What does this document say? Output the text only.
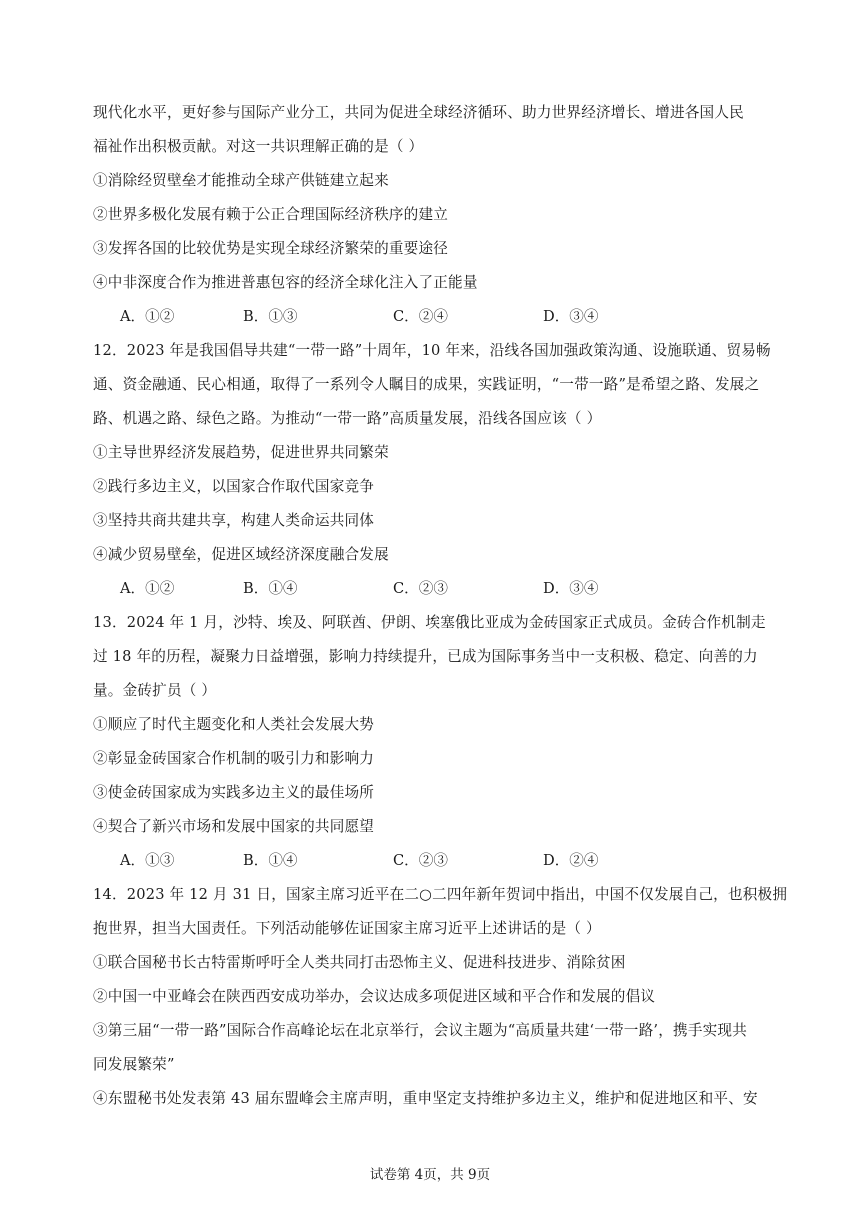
现代化水平，更好参与国际产业分工，共同为促进全球经济循环、助力世界经济增长、增进各国人民
福祉作出积极贡献。对这一共识理解正确的是（ ）
①消除经贸壁垒才能推动全球产供链建立起来
②世界多极化发展有赖于公正合理国际经济秩序的建立
③发挥各国的比较优势是实现全球经济繁荣的重要途径
④中非深度合作为推进普惠包容的经济全球化注入了正能量
A．①②	B．①③	C．②④	D．③④
12．2023 年是我国倡导共建“一带一路”十周年，10 年来，沿线各国加强政策沟通、设施联通、贸易畅
通、资金融通、民心相通，取得了一系列令人瞩目的成果，实践证明，“一带一路”是希望之路、发展之
路、机遇之路、绿色之路。为推动“一带一路”高质量发展，沿线各国应该（ ）
①主导世界经济发展趋势，促进世界共同繁荣
②践行多边主义，以国家合作取代国家竞争
③坚持共商共建共享，构建人类命运共同体
④减少贸易壁垒，促进区域经济深度融合发展
A．①②	B．①④	C．②③	D．③④
13．2024 年 1 月，沙特、埃及、阿联酋、伊朗、埃塞俄比亚成为金砖国家正式成员。金砖合作机制走
过 18 年的历程，凝聚力日益增强，影响力持续提升，已成为国际事务当中一支积极、稳定、向善的力
量。金砖扩员（ ）
①顺应了时代主题变化和人类社会发展大势
②彰显金砖国家合作机制的吸引力和影响力
③使金砖国家成为实践多边主义的最佳场所
④契合了新兴市场和发展中国家的共同愿望
A．①③	B．①④	C．②③	D．②④
14．2023 年 12 月 31 日，国家主席习近平在二○二四年新年贺词中指出，中国不仅发展自己，也积极拥
抱世界，担当大国责任。下列活动能够佐证国家主席习近平上述讲话的是（ ）
①联合国秘书长古特雷斯呼吁全人类共同打击恐怖主义、促进科技进步、消除贫困
②中国一中亚峰会在陕西西安成功举办，会议达成多项促进区域和平合作和发展的倡议
③第三届“一带一路”国际合作高峰论坛在北京举行，会议主题为“高质量共建‘一带一路’，携手实现共
同发展繁荣”
④东盟秘书处发表第 43 届东盟峰会主席声明，重申坚定支持维护多边主义，维护和促进地区和平、安
试卷第 4页，共 9页
